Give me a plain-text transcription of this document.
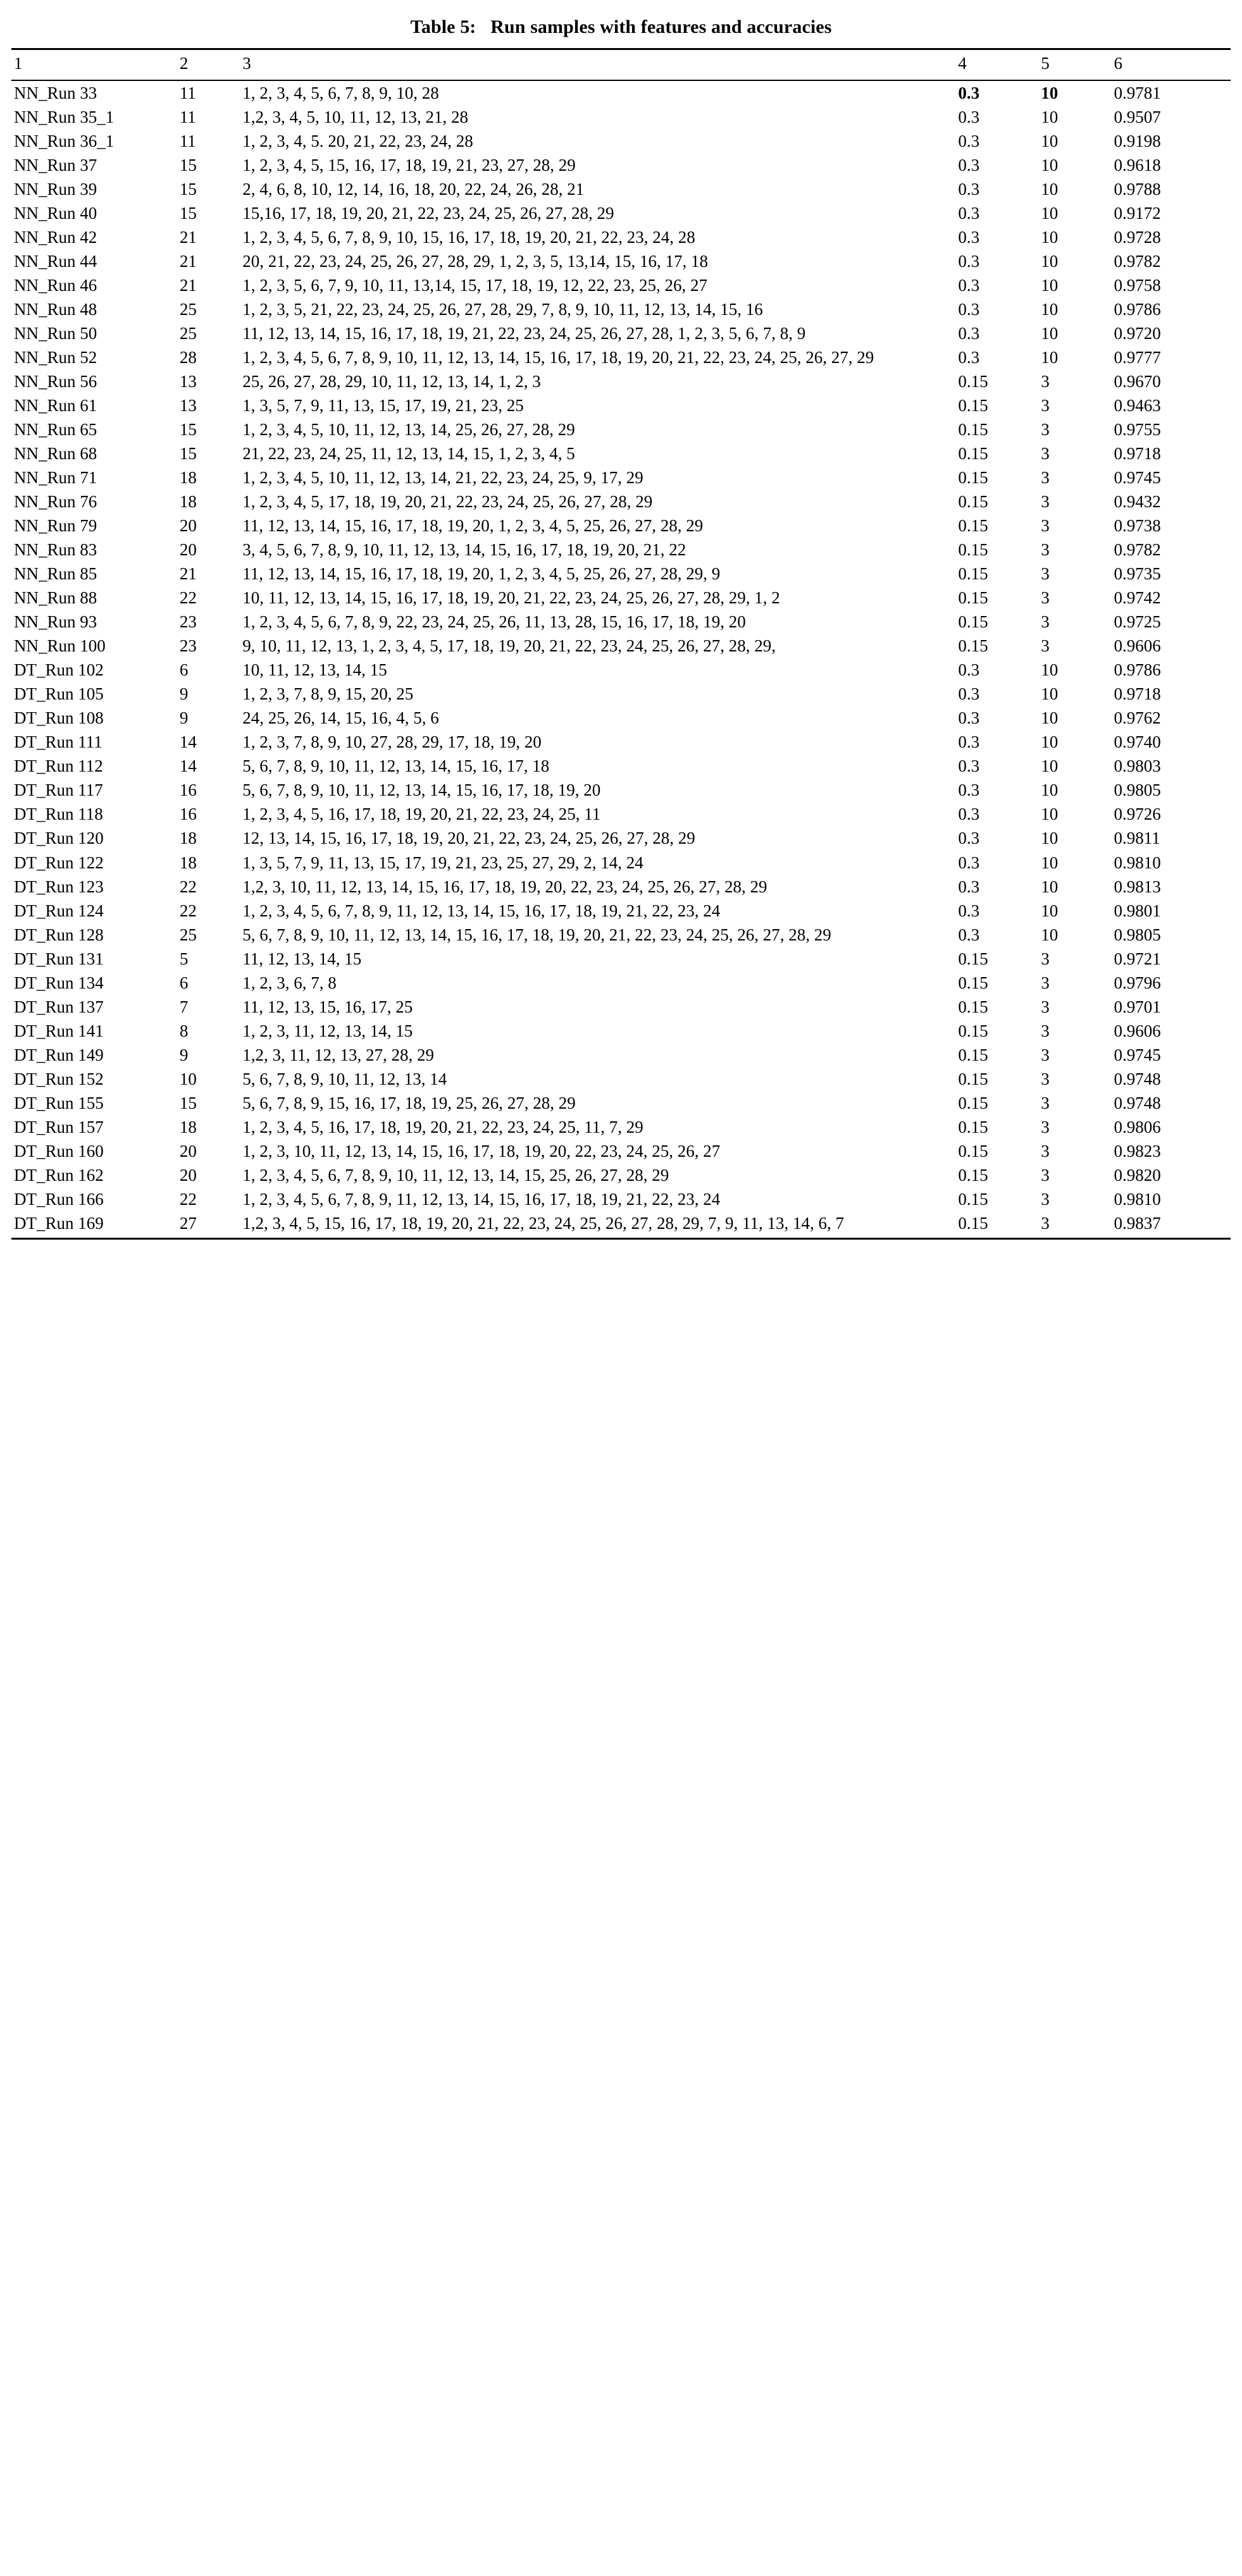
Table 5: Run samples with features and accuracies
1	2	3	4	5	6
NN_Run 33	11	1, 2, 3, 4, 5, 6, 7, 8, 9, 10, 28	0.3	10	0.9781
NN_Run 35_1	11	1,2, 3, 4, 5, 10, 11, 12, 13, 21, 28	0.3	10	0.9507
NN_Run 36_1	11	1, 2, 3, 4, 5. 20, 21, 22, 23, 24, 28	0.3	10	0.9198
NN_Run 37	15	1, 2, 3, 4, 5, 15, 16, 17, 18, 19, 21, 23, 27, 28, 29	0.3	10	0.9618
NN_Run 39	15	2, 4, 6, 8, 10, 12, 14, 16, 18, 20, 22, 24, 26, 28, 21	0.3	10	0.9788
NN_Run 40	15	15,16, 17, 18, 19, 20, 21, 22, 23, 24, 25, 26, 27, 28, 29	0.3	10	0.9172
NN_Run 42	21	1, 2, 3, 4, 5, 6, 7, 8, 9, 10, 15, 16, 17, 18, 19, 20, 21, 22, 23, 24, 28	0.3	10	0.9728
NN_Run 44	21	20, 21, 22, 23, 24, 25, 26, 27, 28, 29, 1, 2, 3, 5, 13,14, 15, 16, 17, 18	0.3	10	0.9782
NN_Run 46	21	1, 2, 3, 5, 6, 7, 9, 10, 11, 13,14, 15, 17, 18, 19, 12, 22, 23, 25, 26, 27	0.3	10	0.9758
NN_Run 48	25	1, 2, 3, 5, 21, 22, 23, 24, 25, 26, 27, 28, 29, 7, 8, 9, 10, 11, 12, 13, 14, 15, 16	0.3	10	0.9786
NN_Run 50	25	11, 12, 13, 14, 15, 16, 17, 18, 19, 21, 22, 23, 24, 25, 26, 27, 28, 1, 2, 3, 5, 6, 7, 8, 9	0.3	10	0.9720
NN_Run 52	28	1, 2, 3, 4, 5, 6, 7, 8, 9, 10, 11, 12, 13, 14, 15, 16, 17, 18, 19, 20, 21, 22, 23, 24, 25, 26, 27, 29	0.3	10	0.9777
NN_Run 56	13	25, 26, 27, 28, 29, 10, 11, 12, 13, 14, 1, 2, 3	0.15	3	0.9670
NN_Run 61	13	1, 3, 5, 7, 9, 11, 13, 15, 17, 19, 21, 23, 25	0.15	3	0.9463
NN_Run 65	15	1, 2, 3, 4, 5, 10, 11, 12, 13, 14, 25, 26, 27, 28, 29	0.15	3	0.9755
NN_Run 68	15	21, 22, 23, 24, 25, 11, 12, 13, 14, 15, 1, 2, 3, 4, 5	0.15	3	0.9718
NN_Run 71	18	1, 2, 3, 4, 5, 10, 11, 12, 13, 14, 21, 22, 23, 24, 25, 9, 17, 29	0.15	3	0.9745
NN_Run 76	18	1, 2, 3, 4, 5, 17, 18, 19, 20, 21, 22, 23, 24, 25, 26, 27, 28, 29	0.15	3	0.9432
NN_Run 79	20	11, 12, 13, 14, 15, 16, 17, 18, 19, 20, 1, 2, 3, 4, 5, 25, 26, 27, 28, 29	0.15	3	0.9738
NN_Run 83	20	3, 4, 5, 6, 7, 8, 9, 10, 11, 12, 13, 14, 15, 16, 17, 18, 19, 20, 21, 22	0.15	3	0.9782
NN_Run 85	21	11, 12, 13, 14, 15, 16, 17, 18, 19, 20, 1, 2, 3, 4, 5, 25, 26, 27, 28, 29, 9	0.15	3	0.9735
NN_Run 88	22	10, 11, 12, 13, 14, 15, 16, 17, 18, 19, 20, 21, 22, 23, 24, 25, 26, 27, 28, 29, 1, 2	0.15	3	0.9742
NN_Run 93	23	1, 2, 3, 4, 5, 6, 7, 8, 9, 22, 23, 24, 25, 26, 11, 13, 28, 15, 16, 17, 18, 19, 20	0.15	3	0.9725
NN_Run 100	23	9, 10, 11, 12, 13, 1, 2, 3, 4, 5, 17, 18, 19, 20, 21, 22, 23, 24, 25, 26, 27, 28, 29,	0.15	3	0.9606
DT_Run 102	6	10, 11, 12, 13, 14, 15	0.3	10	0.9786
DT_Run 105	9	1, 2, 3, 7, 8, 9, 15, 20, 25	0.3	10	0.9718
DT_Run 108	9	24, 25, 26, 14, 15, 16, 4, 5, 6	0.3	10	0.9762
DT_Run 111	14	1, 2, 3, 7, 8, 9, 10, 27, 28, 29, 17, 18, 19, 20	0.3	10	0.9740
DT_Run 112	14	5, 6, 7, 8, 9, 10, 11, 12, 13, 14, 15, 16, 17, 18	0.3	10	0.9803
DT_Run 117	16	5, 6, 7, 8, 9, 10, 11, 12, 13, 14, 15, 16, 17, 18, 19, 20	0.3	10	0.9805
DT_Run 118	16	1, 2, 3, 4, 5, 16, 17, 18, 19, 20, 21, 22, 23, 24, 25, 11	0.3	10	0.9726
DT_Run 120	18	12, 13, 14, 15, 16, 17, 18, 19, 20, 21, 22, 23, 24, 25, 26, 27, 28, 29	0.3	10	0.9811
DT_Run 122	18	1, 3, 5, 7, 9, 11, 13, 15, 17, 19, 21, 23, 25, 27, 29, 2, 14, 24	0.3	10	0.9810
DT_Run 123	22	1,2, 3, 10, 11, 12, 13, 14, 15, 16, 17, 18, 19, 20, 22, 23, 24, 25, 26, 27, 28, 29	0.3	10	0.9813
DT_Run 124	22	1, 2, 3, 4, 5, 6, 7, 8, 9, 11, 12, 13, 14, 15, 16, 17, 18, 19, 21, 22, 23, 24	0.3	10	0.9801
DT_Run 128	25	5, 6, 7, 8, 9, 10, 11, 12, 13, 14, 15, 16, 17, 18, 19, 20, 21, 22, 23, 24, 25, 26, 27, 28, 29	0.3	10	0.9805
DT_Run 131	5	11, 12, 13, 14, 15	0.15	3	0.9721
DT_Run 134	6	1, 2, 3, 6, 7, 8	0.15	3	0.9796
DT_Run 137	7	11, 12, 13, 15, 16, 17, 25	0.15	3	0.9701
DT_Run 141	8	1, 2, 3, 11, 12, 13, 14, 15	0.15	3	0.9606
DT_Run 149	9	1,2, 3, 11, 12, 13, 27, 28, 29	0.15	3	0.9745
DT_Run 152	10	5, 6, 7, 8, 9, 10, 11, 12, 13, 14	0.15	3	0.9748
DT_Run 155	15	5, 6, 7, 8, 9, 15, 16, 17, 18, 19, 25, 26, 27, 28, 29	0.15	3	0.9748
DT_Run 157	18	1, 2, 3, 4, 5, 16, 17, 18, 19, 20, 21, 22, 23, 24, 25, 11, 7, 29	0.15	3	0.9806
DT_Run 160	20	1, 2, 3, 10, 11, 12, 13, 14, 15, 16, 17, 18, 19, 20, 22, 23, 24, 25, 26, 27	0.15	3	0.9823
DT_Run 162	20	1, 2, 3, 4, 5, 6, 7, 8, 9, 10, 11, 12, 13, 14, 15, 25, 26, 27, 28, 29	0.15	3	0.9820
DT_Run 166	22	1, 2, 3, 4, 5, 6, 7, 8, 9, 11, 12, 13, 14, 15, 16, 17, 18, 19, 21, 22, 23, 24	0.15	3	0.9810
DT_Run 169	27	1,2, 3, 4, 5, 15, 16, 17, 18, 19, 20, 21, 22, 23, 24, 25, 26, 27, 28, 29, 7, 9, 11, 13, 14, 6, 7	0.15	3	0.9837
